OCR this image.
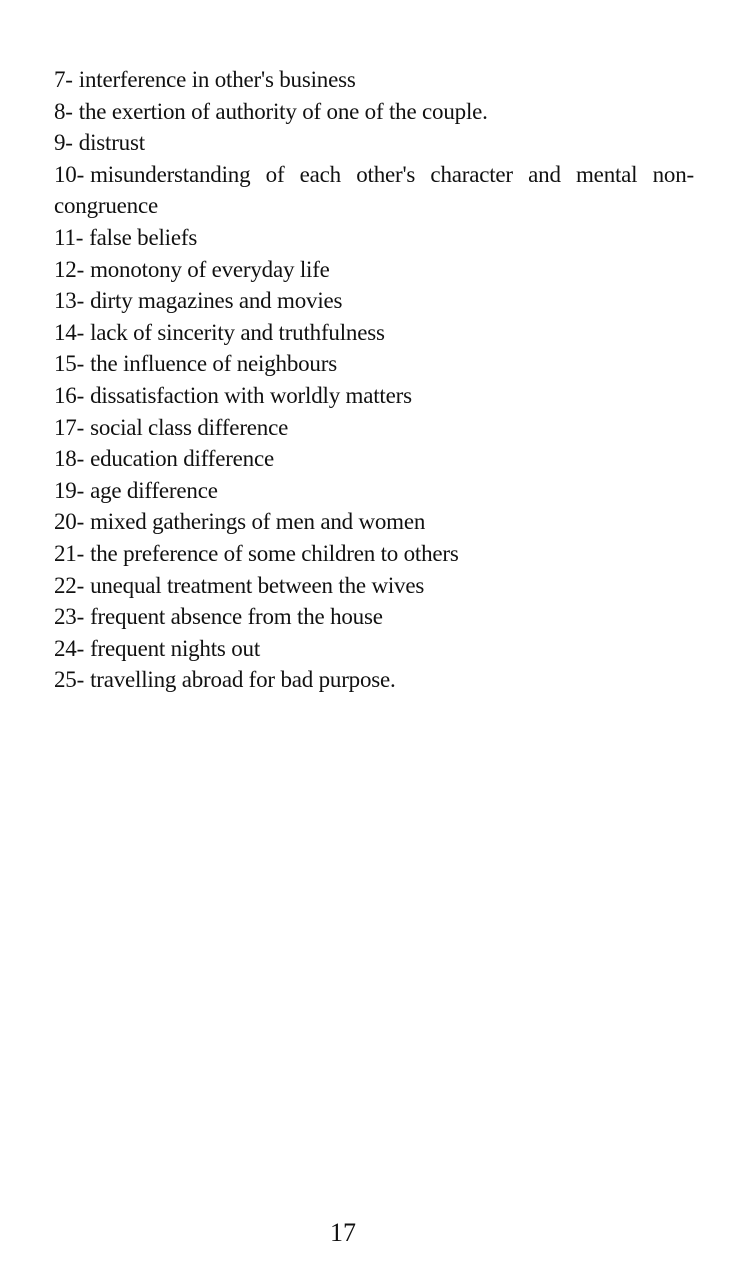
7- interference in other's business
8- the exertion of authority of one of the couple.
9- distrust
10- misunderstanding of each other's character and mental non-congruence
11- false beliefs
12- monotony of everyday life
13- dirty magazines and movies
14- lack of sincerity and truthfulness
15- the influence of neighbours
16- dissatisfaction with worldly matters
17- social class difference
18- education difference
19- age difference
20- mixed gatherings of men and women
21- the preference of some children to others
22- unequal treatment between the wives
23- frequent absence from the house
24- frequent nights out
25- travelling abroad for bad purpose.
17
